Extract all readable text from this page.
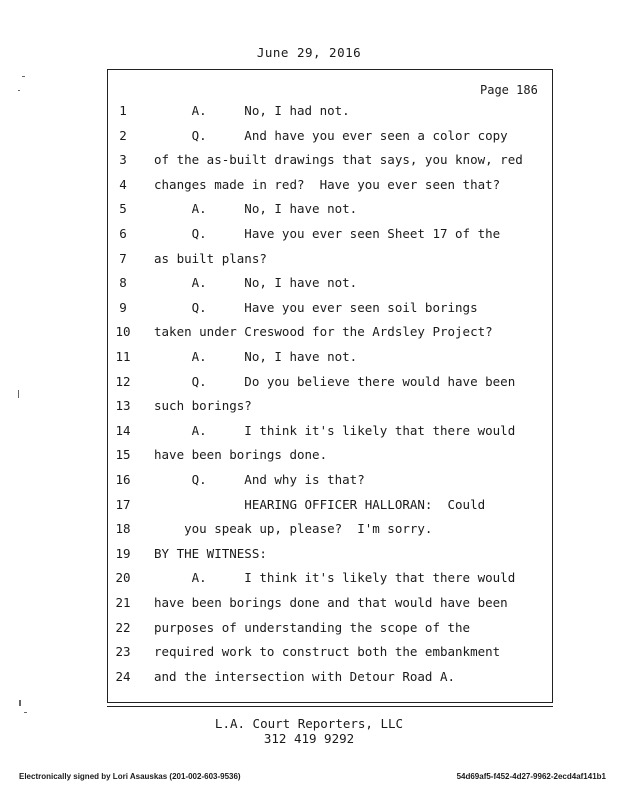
June 29, 2016
Page 186
1	A.     No, I had not.
2	Q.     And have you ever seen a color copy
3	of the as-built drawings that says, you know, red
4	changes made in red?  Have you ever seen that?
5	A.     No, I have not.
6	Q.     Have you ever seen Sheet 17 of the
7	as built plans?
8	A.     No, I have not.
9	Q.     Have you ever seen soil borings
10	taken under Creswood for the Ardsley Project?
11	A.     No, I have not.
12	Q.     Do you believe there would have been
13	such borings?
14	A.     I think it's likely that there would
15	have been borings done.
16	Q.     And why is that?
17	HEARING OFFICER HALLORAN:  Could
18	you speak up, please?  I'm sorry.
19	BY THE WITNESS:
20	A.     I think it's likely that there would
21	have been borings done and that would have been
22	purposes of understanding the scope of the
23	required work to construct both the embankment
24	and the intersection with Detour Road A.
L.A. Court Reporters, LLC
312 419 9292
Electronically signed by Lori Asauskas (201-002-603-9536)	54d69af5-f452-4d27-9962-2ecd4af141b1
